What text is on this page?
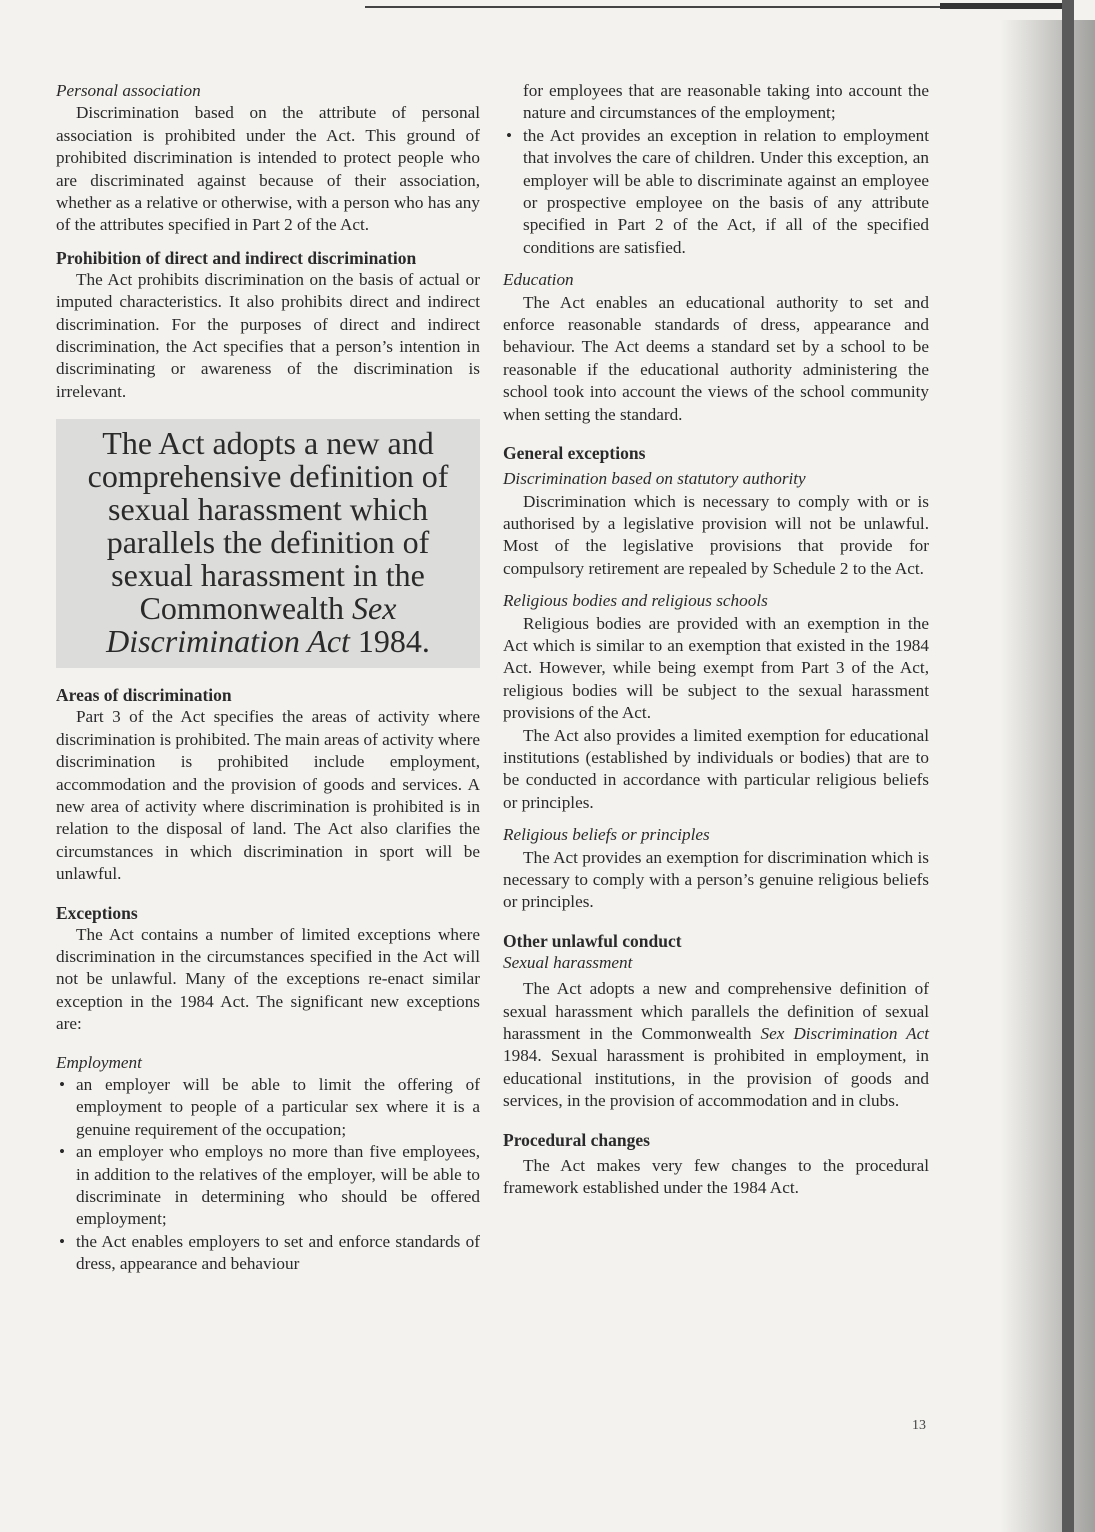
Personal association

Discrimination based on the attribute of personal association is prohibited under the Act. This ground of prohibited discrimination is intended to protect people who are discriminated against because of their association, whether as a relative or otherwise, with a person who has any of the attributes specified in Part 2 of the Act.

Prohibition of direct and indirect discrimination

The Act prohibits discrimination on the basis of actual or imputed characteristics. It also prohibits direct and indirect discrimination. For the purposes of direct and indirect discrimination, the Act specifies that a person’s intention in discriminating or awareness of the discrimination is irrelevant.

The Act adopts a new and comprehensive definition of sexual harassment which parallels the definition of sexual harassment in the Commonwealth Sex Discrimination Act 1984.
Areas of discrimination

Part 3 of the Act specifies the areas of activity where discrimination is prohibited. The main areas of activity where discrimination is prohibited include employment, accommodation and the provision of goods and services. A new area of activity where discrimination is prohibited is in relation to the disposal of land. The Act also clarifies the circumstances in which discrimination in sport will be unlawful.

Exceptions

The Act contains a number of limited exceptions where discrimination in the circumstances specified in the Act will not be unlawful. Many of the exceptions re-enact similar exception in the 1984 Act. The significant new exceptions are:

Employment
• an employer will be able to limit the offering of employment to people of a particular sex where it is a genuine requirement of the occupation;
• an employer who employs no more than five employees, in addition to the relatives of the employer, will be able to discriminate in determining who should be offered employment;
• the Act enables employers to set and enforce standards of dress, appearance and behaviour
for employees that are reasonable taking into account the nature and circumstances of the employment;
• the Act provides an exception in relation to employment that involves the care of children. Under this exception, an employer will be able to discriminate against an employee or prospective employee on the basis of any attribute specified in Part 2 of the Act, if all of the specified conditions are satisfied.
Education

The Act enables an educational authority to set and enforce reasonable standards of dress, appearance and behaviour. The Act deems a standard set by a school to be reasonable if the educational authority administering the school took into account the views of the school community when setting the standard.

General exceptions
Discrimination based on statutory authority

Discrimination which is necessary to comply with or is authorised by a legislative provision will not be unlawful. Most of the legislative provisions that provide for compulsory retirement are repealed by Schedule 2 to the Act.

Religious bodies and religious schools

Religious bodies are provided with an exemption in the Act which is similar to an exemption that existed in the 1984 Act. However, while being exempt from Part 3 of the Act, religious bodies will be subject to the sexual harassment provisions of the Act.

The Act also provides a limited exemption for educational institutions (established by individuals or bodies) that are to be conducted in accordance with particular religious beliefs or principles.

Religious beliefs or principles

The Act provides an exemption for discrimination which is necessary to comply with a person’s genuine religious beliefs or principles.

Other unlawful conduct
Sexual harassment

The Act adopts a new and comprehensive definition of sexual harassment which parallels the definition of sexual harassment in the Commonwealth Sex Discrimination Act 1984. Sexual harassment is prohibited in employment, in educational institutions, in the provision of goods and services, in the provision of accommodation and in clubs.

Procedural changes

The Act makes very few changes to the procedural framework established under the 1984 Act.

13
